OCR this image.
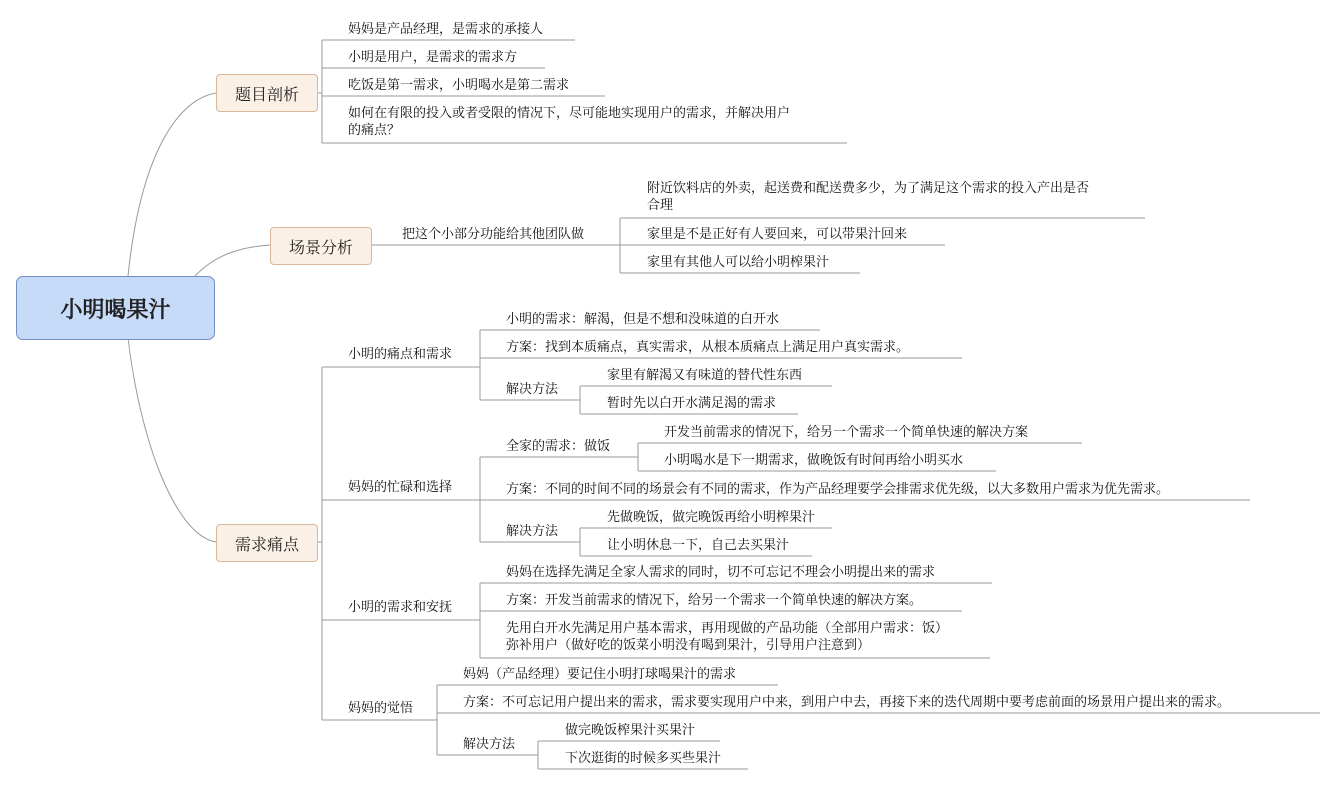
小明喝果汁
题目剖析
妈妈是产品经理，是需求的承接人
小明是用户，是需求的需求方
吃饭是第一需求，小明喝水是第二需求
如何在有限的投入或者受限的情况下，尽可能地实现用户的需求，并解决用户
的痛点？
场景分析
把这个小部分功能给其他团队做
附近饮料店的外卖，起送费和配送费多少，为了满足这个需求的投入产出是否
合理
家里是不是正好有人要回来，可以带果汁回来
家里有其他人可以给小明榨果汁
需求痛点
小明的痛点和需求
小明的需求：解渴，但是不想和没味道的白开水
方案：找到本质痛点，真实需求，从根本质痛点上满足用户真实需求。
解决方法
家里有解渴又有味道的替代性东西
暂时先以白开水满足渴的需求
妈妈的忙碌和选择
全家的需求：做饭
开发当前需求的情况下，给另一个需求一个简单快速的解决方案
小明喝水是下一期需求，做晚饭有时间再给小明买水
方案：不同的时间不同的场景会有不同的需求，作为产品经理要学会排需求优先级，以大多数用户需求为优先需求。
解决方法
先做晚饭，做完晚饭再给小明榨果汁
让小明休息一下，自己去买果汁
小明的需求和安抚
妈妈在选择先满足全家人需求的同时，切不可忘记不理会小明提出来的需求
方案：开发当前需求的情况下，给另一个需求一个简单快速的解决方案。
先用白开水先满足用户基本需求，再用现做的产品功能（全部用户需求：饭）
弥补用户（做好吃的饭菜小明没有喝到果汁，引导用户注意到）
妈妈的觉悟
妈妈（产品经理）要记住小明打球喝果汁的需求
方案：不可忘记用户提出来的需求，需求要实现用户中来，到用户中去，再接下来的迭代周期中要考虑前面的场景用户提出来的需求。
解决方法
做完晚饭榨果汁买果汁
下次逛街的时候多买些果汁
